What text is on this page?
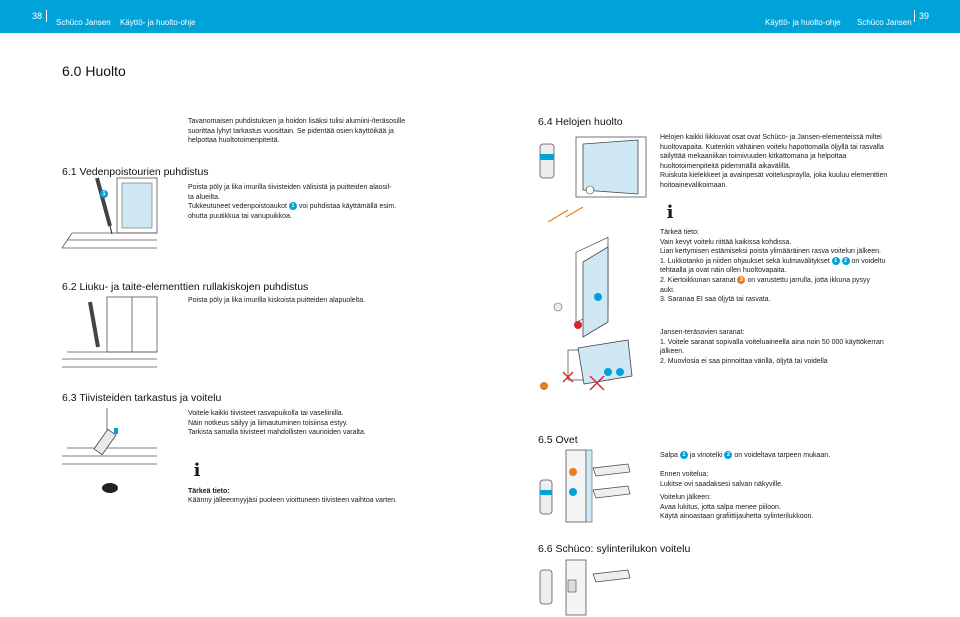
38
Schüco Jansen Käyttö- ja huolto-ohje	Käyttö- ja huolto-ohje Schüco Jansen
39
6.0 Huolto
Tavanomaisen puhdistuksen ja hoidon lisäksi tulisi alumiini-/teräsosille
suorittaa lyhyt tarkastus vuosittain. Se pidentää osien käyttöikää ja
helpottaa huoltotoimenpiteitä.
6.1 Vedenpoistourien puhdistus
1
Poista pöly ja lika imurilla tiivisteiden välisistä ja puitteiden alaosil-
ta alueilta.
Tukkeutuneet vedenpoistoaukot 1 voi puhdistaa käyttämällä esim.
ohutta puutikkua tai vanupuikkoa.
6.2 Liuku- ja taite-elementtien rullakiskojen puhdistus
Poista pöly ja lika imurilla kiskoista puitteiden alapuolelta.
6.3 Tiivisteiden tarkastus ja voitelu
Voitele kaikki tiivisteet rasvapuikolla tai vaseliinilla.
Näin notkeus säilyy ja liimautuminen toisiinsa estyy.
Tarkista samalla tiivisteet mahdollisten vaurioiden varalta.
i
Tärkeä tieto:
Käänny jälleenmyyjäsi puoleen vioittuneen tiivisteen vaihtoa varten.
6.4 Helojen huolto
Helojen kaikki liikkuvat osat ovat Schüco- ja Jansen-elementeissä miltei
huoltovapaita. Kuitenkin vähäinen voitelu hapottomalla öljyllä tai rasvalla
säilyttää mekaaniikan toimivuuden kitkattomana ja helpottaa
huoltotoimenpiteitä pidemmällä aikavälillä.
Ruiskuta kielekkeet ja avainpesät voiteluspraylla, joka kuuluu elementtien
hoitoainevalikoimaan.
i
Tärkeä tieto:
Vain kevyt voitelu riittää kaikissa kohdissa.
Lian kertymisen estämiseksi poista ylimääräinen rasva voitelun jälkeen.
1. Lukkotanko ja niiden ohjaukset sekä kulmavälitykset 1 2 on voideltu
tehtaalla ja ovat näin ollen huoltovapaita.
2. Kiertoikkunan saranat 3 on varustettu jarrulla, jotta ikkuna pysyy
auki.
3. Saranaa EI saa öljytä tai rasvata.
Jansen-teräsovien saranat:
1. Voitele saranat sopivalla voiteluaineella aina noin 50 000 käyttökerran
jälkeen.
2. Muovlosia ei saa pinnoittaa värillä, öljytä tai voidella
6.5 Ovet
Salpa 1 ja vinotelki 2 on voideltava tarpeen mukaan.
Ennen voitelua:
Lukitse ovi saadaksesi salvan näkyville.
Voitelun jälkeen:
Avaa lukitus, jotta salpa menee piiloon.
Käytä ainoastaan grafiittijauhetta sylinterilukkoon.
6.6 Schüco: sylinterilukon voitelu
